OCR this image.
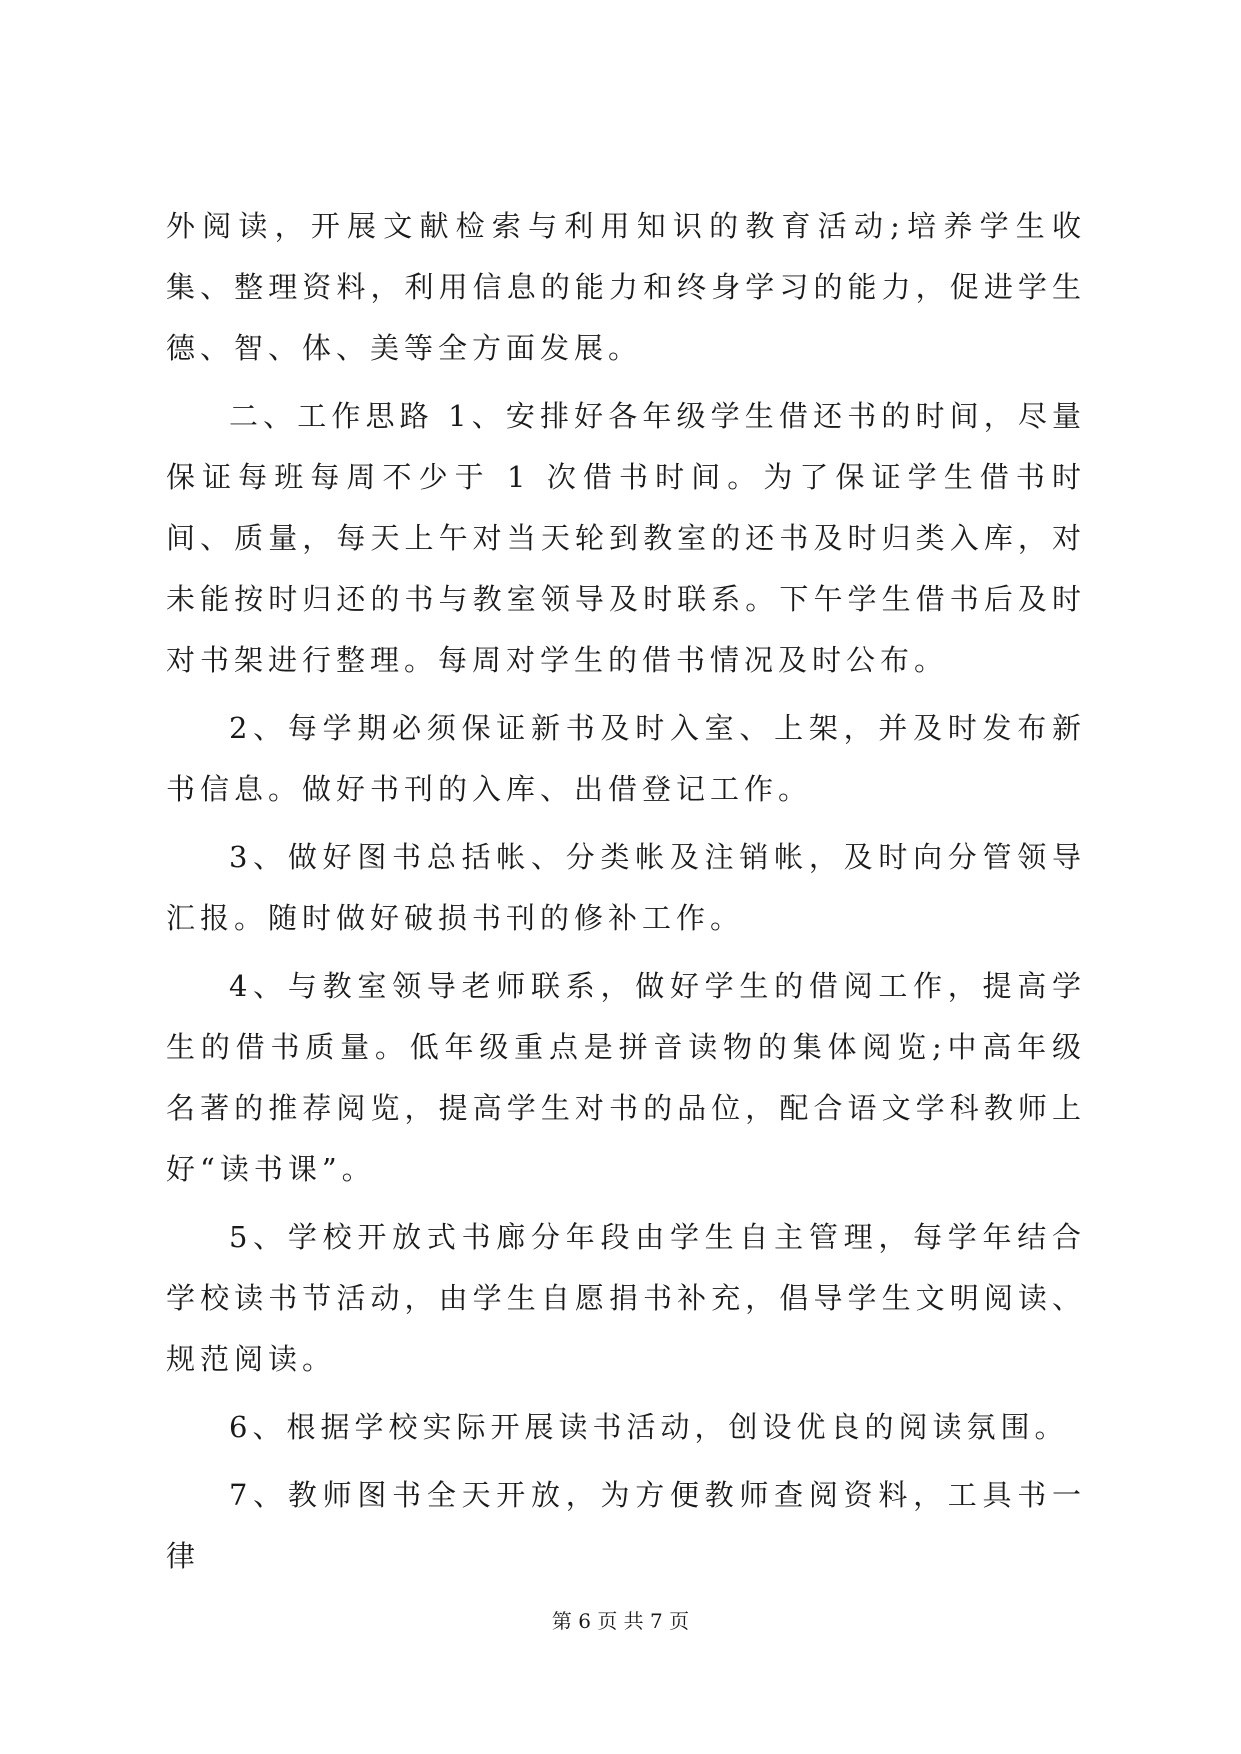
外阅读，开展文献检索与利用知识的教育活动;培养学生收集、整理资料，利用信息的能力和终身学习的能力，促进学生德、智、体、美等全方面发展。

二、工作思路 1、安排好各年级学生借还书的时间，尽量保证每班每周不少于 1 次借书时间。为了保证学生借书时间、质量，每天上午对当天轮到教室的还书及时归类入库，对未能按时归还的书与教室领导及时联系。下午学生借书后及时对书架进行整理。每周对学生的借书情况及时公布。

2、每学期必须保证新书及时入室、上架，并及时发布新书信息。做好书刊的入库、出借登记工作。

3、做好图书总括帐、分类帐及注销帐，及时向分管领导汇报。随时做好破损书刊的修补工作。

4、与教室领导老师联系，做好学生的借阅工作，提高学生的借书质量。低年级重点是拼音读物的集体阅览;中高年级名著的推荐阅览，提高学生对书的品位，配合语文学科教师上好“读书课”。

5、学校开放式书廊分年段由学生自主管理，每学年结合学校读书节活动，由学生自愿捐书补充，倡导学生文明阅读、规范阅读。

6、根据学校实际开展读书活动，创设优良的阅读氛围。

7、教师图书全天开放，为方便教师查阅资料，工具书一律

第 6 页 共 7 页
